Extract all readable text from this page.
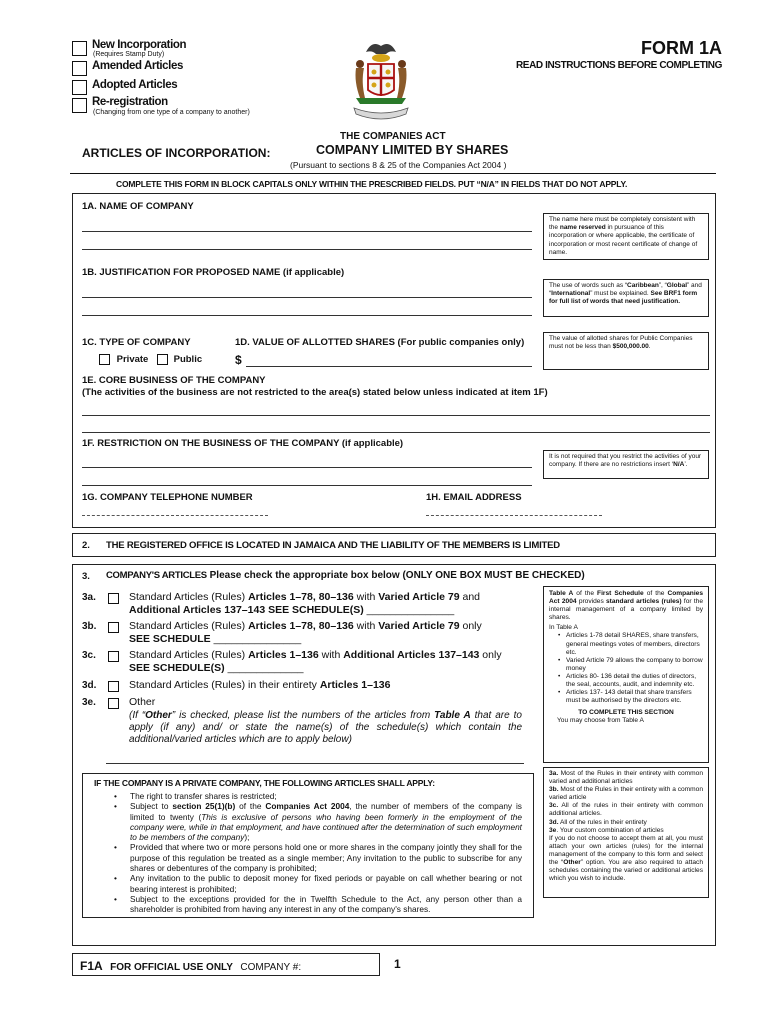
New Incorporation
(Requires Stamp Duty)
Amended Articles
Adopted Articles
Re-registration
(Changing from one type of a company to another)
FORM 1A
READ INSTRUCTIONS BEFORE COMPLETING
THE COMPANIES ACT
ARTICLES OF INCORPORATION:	COMPANY LIMITED BY SHARES
(Pursuant to sections 8 & 25 of the Companies Act 2004 )
COMPLETE THIS FORM IN BLOCK CAPITALS ONLY WITHIN THE PRESCRIBED FIELDS. PUT “N/A” IN FIELDS THAT DO NOT APPLY.
1A. NAME OF COMPANY
The name here must be completely consistent with the name reserved in pursuance of this incorporation or where applicable, the certificate of incorporation or most recent certificate of change of name.
1B. JUSTIFICATION FOR PROPOSED NAME (if applicable)
The use of words such as “Caribbean”, “Global” and “International” must be explained. See BRF1 form for full list of words that need justification.
1C. TYPE OF COMPANY
Private	Public
1D. VALUE OF ALLOTTED SHARES (For public companies only)
$
The value of allotted shares for Public Companies must not be less than $500,000.00.
1E. CORE BUSINESS OF THE COMPANY
(The activities of the business are not restricted to the area(s) stated below unless indicated at item 1F)
1F. RESTRICTION ON THE BUSINESS OF THE COMPANY (if applicable)
It is not required that you restrict the activities of your company. If there are no restrictions insert ‘N/A’.
1G. COMPANY TELEPHONE NUMBER	1H. EMAIL ADDRESS
2. THE REGISTERED OFFICE IS LOCATED IN JAMAICA AND THE LIABILITY OF THE MEMBERS IS LIMITED
3. COMPANY'S ARTICLES Please check the appropriate box below (ONLY ONE BOX MUST BE CHECKED)
3a.	Standard Articles (Rules) Articles 1–78, 80–136 with Varied Article 79 and
Additional Articles 137–143 SEE SCHEDULE(S) _______________
3b.	Standard Articles (Rules) Articles 1–78, 80–136 with Varied Article 79 only
SEE SCHEDULE _______________
3c.	Standard Articles (Rules) Articles 1–136 with Additional Articles 137–143 only
SEE SCHEDULE(S) _____________
3d.	Standard Articles (Rules) in their entirety Articles 1–136
3e.	Other
(If “Other” is checked, please list the numbers of the articles from Table A that are to apply (if any) and/ or state the name(s) of the schedule(s) which contain the additional/varied articles which are to apply below)
Table A of the First Schedule of the Companies Act 2004 provides standard articles (rules) for the internal management of a company limited by shares.
In Table A
• Articles 1-78 detail SHARES, share transfers, general meetings votes of members, directors etc.
• Varied Article 79 allows the company to borrow money
• Articles 80- 136 detail the duties of directors, the seal, accounts, audit, and indemnity etc.
• Articles 137- 143 detail that share transfers must be authorised by the directors etc.
TO COMPLETE THIS SECTION
You may choose from Table A
3a. Most of the Rules in their entirety with common varied and additional articles
3b. Most of the Rules in their entirety with a common varied article
3c. All of the rules in their entirety with common additional articles.
3d. All of the rules in their entirety
3e. Your custom combination of articles
If you do not choose to accept them at all, you must attach your own articles (rules) for the internal management of the company to this form and select the “Other” option. You are also required to attach schedules containing the varied or additional articles which you wish to include.
IF THE COMPANY IS A PRIVATE COMPANY, THE FOLLOWING ARTICLES SHALL APPLY:
• The right to transfer shares is restricted;
• Subject to section 25(1)(b) of the Companies Act 2004, the number of members of the company is limited to twenty (This is exclusive of persons who having been formerly in the employment of the company were, while in that employment, and have continued after the determination of such employment to be members of the company);
• Provided that where two or more persons hold one or more shares in the company jointly they shall for the purpose of this regulation be treated as a single member; Any invitation to the public to subscribe for any shares or debentures of the company is prohibited;
• Any invitation to the public to deposit money for fixed periods or payable on call whether bearing or not bearing interest is prohibited;
• Subject to the exceptions provided for the in Twelfth Schedule to the Act, any person other than a shareholder is prohibited from having any interest in any of the company's shares.
F1A FOR OFFICIAL USE ONLY COMPANY #:	1
